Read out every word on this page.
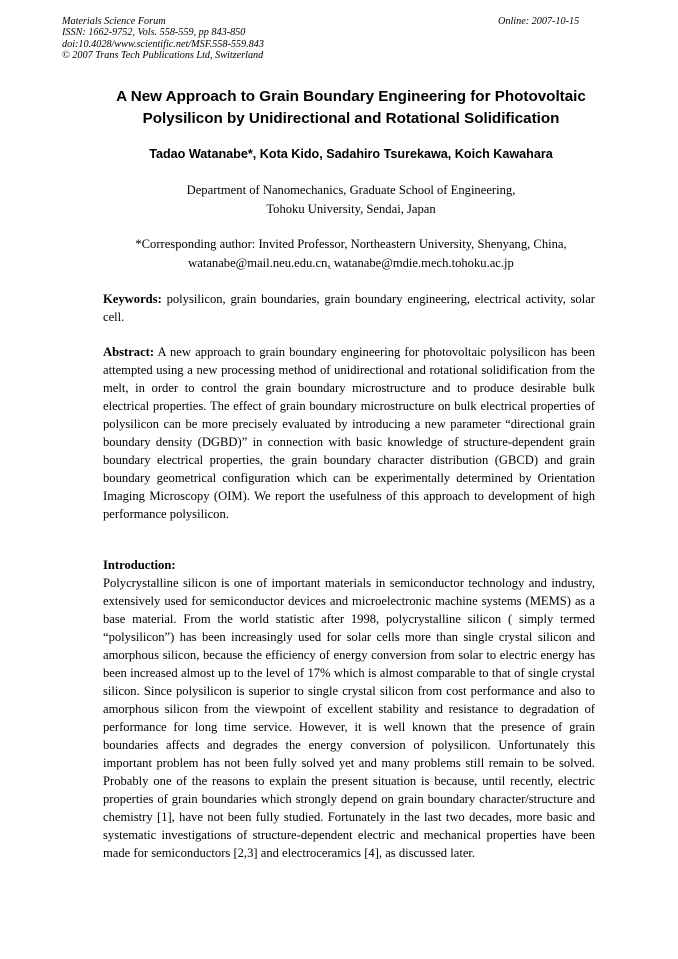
Materials Science Forum
ISSN: 1662-9752, Vols. 558-559, pp 843-850
doi:10.4028/www.scientific.net/MSF.558-559.843
© 2007 Trans Tech Publications Ltd, Switzerland
Online: 2007-10-15
A New Approach to Grain Boundary Engineering for Photovoltaic Polysilicon by Unidirectional and Rotational Solidification
Tadao Watanabe*, Kota Kido, Sadahiro Tsurekawa, Koich Kawahara
Department of Nanomechanics, Graduate School of Engineering,
Tohoku University, Sendai, Japan
*Corresponding author: Invited Professor, Northeastern University, Shenyang, China,
watanabe@mail.neu.edu.cn, watanabe@mdie.mech.tohoku.ac.jp
Keywords: polysilicon, grain boundaries, grain boundary engineering, electrical activity, solar cell.
Abstract: A new approach to grain boundary engineering for photovoltaic polysilicon has been attempted using a new processing method of unidirectional and rotational solidification from the melt, in order to control the grain boundary microstructure and to produce desirable bulk electrical properties. The effect of grain boundary microstructure on bulk electrical properties of polysilicon can be more precisely evaluated by introducing a new parameter “directional grain boundary density (DGBD)” in connection with basic knowledge of structure-dependent grain boundary electrical properties, the grain boundary character distribution (GBCD) and grain boundary geometrical configuration which can be experimentally determined by Orientation Imaging Microscopy (OIM). We report the usefulness of this approach to development of high performance polysilicon.
Introduction:
Polycrystalline silicon is one of important materials in semiconductor technology and industry, extensively used for semiconductor devices and microelectronic machine systems (MEMS) as a base material. From the world statistic after 1998, polycrystalline silicon ( simply termed “polysilicon”) has been increasingly used for solar cells more than single crystal silicon and amorphous silicon, because the efficiency of energy conversion from solar to electric energy has been increased almost up to the level of 17% which is almost comparable to that of single crystal silicon. Since polysilicon is superior to single crystal silicon from cost performance and also to amorphous silicon from the viewpoint of excellent stability and resistance to degradation of performance for long time service. However, it is well known that the presence of grain boundaries affects and degrades the energy conversion of polysilicon. Unfortunately this important problem has not been fully solved yet and many problems still remain to be solved. Probably one of the reasons to explain the present situation is because, until recently, electric properties of grain boundaries which strongly depend on grain boundary character/structure and chemistry [1], have not been fully studied. Fortunately in the last two decades, more basic and systematic investigations of structure-dependent electric and mechanical properties have been made for semiconductors [2,3] and electroceramics [4], as discussed later.
